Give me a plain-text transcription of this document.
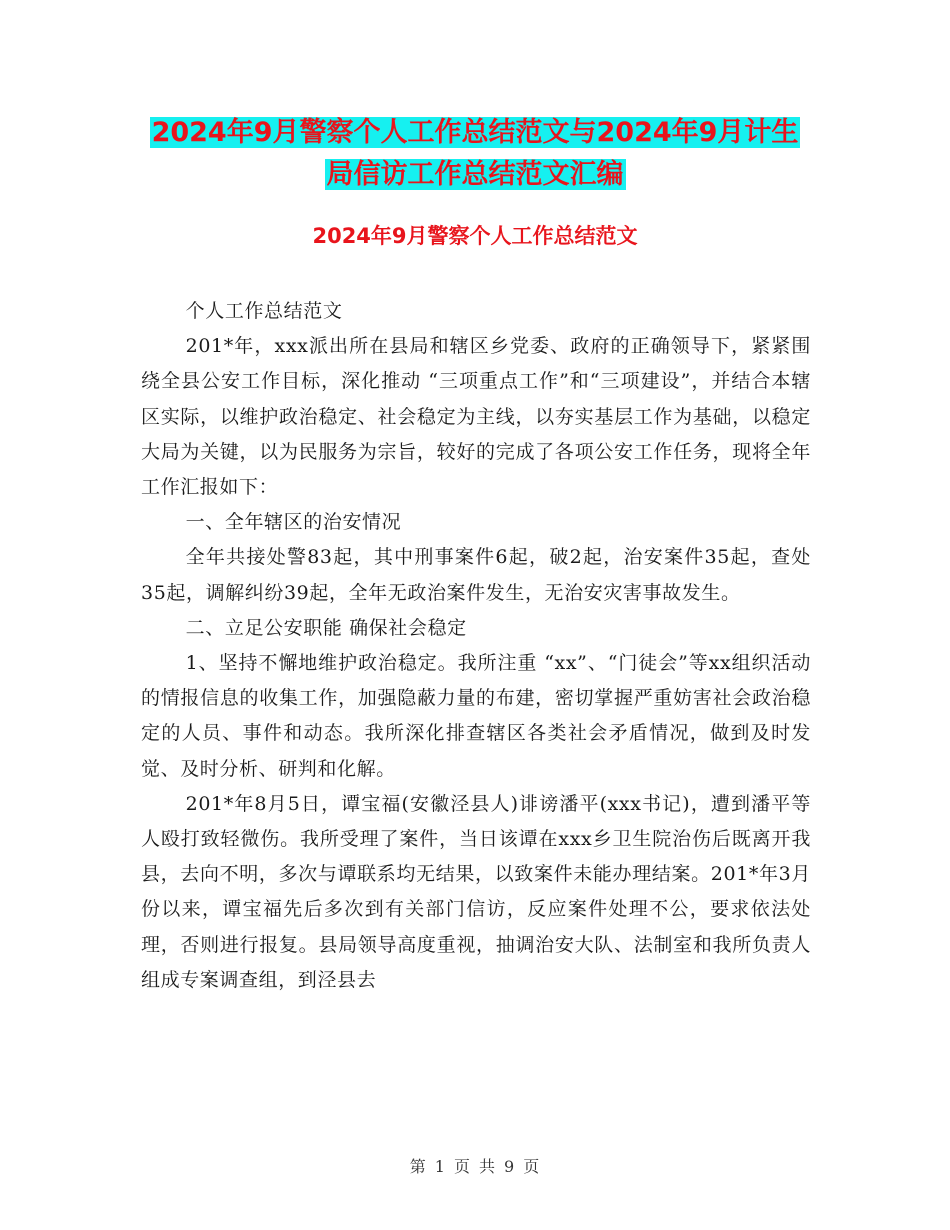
2024年9月警察个人工作总结范文与2024年9月计生
局信访工作总结范文汇编
2024年9月警察个人工作总结范文

个人工作总结范文

201*年，xxx派出所在县局和辖区乡党委、政府的正确领导下，紧紧围绕全县公安工作目标，深化推动 “三项重点工作”和“三项建设”，并结合本辖区实际，以维护政治稳定、社会稳定为主线，以夯实基层工作为基础，以稳定大局为关键，以为民服务为宗旨，较好的完成了各项公安工作任务，现将全年工作汇报如下：

一、全年辖区的治安情况

全年共接处警83起，其中刑事案件6起，破2起，治安案件35起，查处35起，调解纠纷39起，全年无政治案件发生，无治安灾害事故发生。

二、立足公安职能 确保社会稳定

1、坚持不懈地维护政治稳定。我所注重 “xx”、“门徒会”等xx组织活动的情报信息的收集工作，加强隐蔽力量的布建，密切掌握严重妨害社会政治稳定的人员、事件和动态。我所深化排查辖区各类社会矛盾情况，做到及时发觉、及时分析、研判和化解。

201*年8月5日，谭宝福(安徽泾县人)诽谤潘平(xxx书记)，遭到潘平等人殴打致轻微伤。我所受理了案件，当日该谭在xxx乡卫生院治伤后既离开我县，去向不明，多次与谭联系均无结果，以致案件未能办理结案。201*年3月份以来，谭宝福先后多次到有关部门信访，反应案件处理不公，要求依法处理，否则进行报复。县局领导高度重视，抽调治安大队、法制室和我所负责人组成专案调查组，到泾县去

第 1 页 共 9 页
